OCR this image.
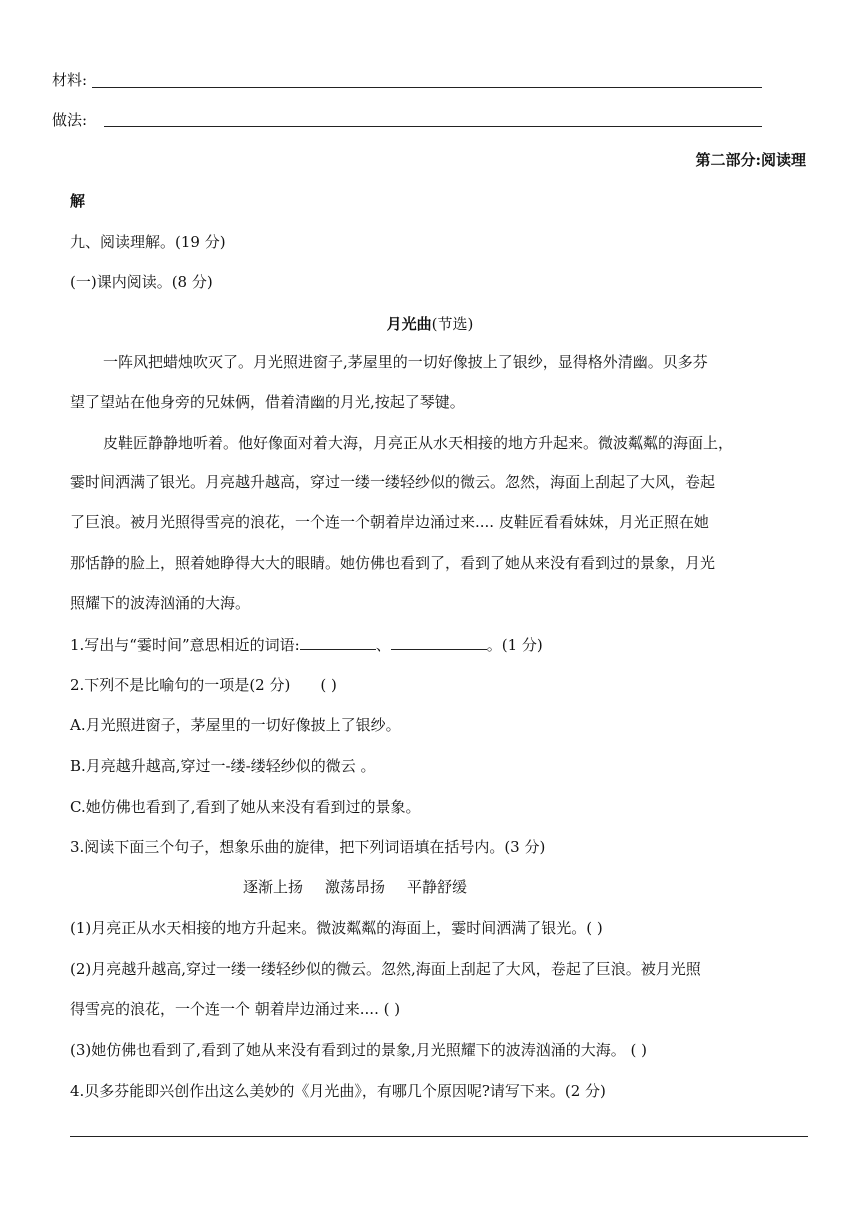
材料:
做法:
第二部分:阅读理
解
九、阅读理解。(19 分)
(一)课内阅读。(8 分)
月光曲(节选)
一阵风把蜡烛吹灭了。月光照进窗子,茅屋里的一切好像披上了银纱，显得格外清幽。贝多芬
望了望站在他身旁的兄妹俩，借着清幽的月光,按起了琴键。
皮鞋匠静静地听着。他好像面对着大海，月亮正从水天相接的地方升起来。微波粼粼的海面上，
霎时间洒满了银光。月亮越升越高，穿过一缕一缕轻纱似的微云。忽然，海面上刮起了大风，卷起
了巨浪。被月光照得雪亮的浪花，一个连一个朝着岸边涌过来.... 皮鞋匠看看妹妹，月光正照在她
那恬静的脸上，照着她睁得大大的眼睛。她仿佛也看到了，看到了她从来没有看到过的景象，月光
照耀下的波涛汹涌的大海。
1.写出与“霎时间”意思相近的词语:	、	。(1 分)
2.下列不是比喻句的一项是(2 分) ( )
A.月光照进窗子，茅屋里的一切好像披上了银纱。
B.月亮越升越高,穿过一-缕-缕轻纱似的微云 。
C.她仿佛也看到了,看到了她从来没有看到过的景象。
3.阅读下面三个句子，想象乐曲的旋律，把下列词语填在括号内。(3 分)
逐渐上扬 激荡昂扬 平静舒缓
(1)月亮正从水天相接的地方升起来。微波粼粼的海面上，霎时间洒满了银光。( )
(2)月亮越升越高,穿过一缕一缕轻纱似的微云。忽然,海面上刮起了大风，卷起了巨浪。被月光照
得雪亮的浪花，一个连一个 朝着岸边涌过来.... ( )
(3)她仿佛也看到了,看到了她从来没有看到过的景象,月光照耀下的波涛汹涌的大海。 ( )
4.贝多芬能即兴创作出这么美妙的《月光曲》，有哪几个原因呢?请写下来。(2 分)
